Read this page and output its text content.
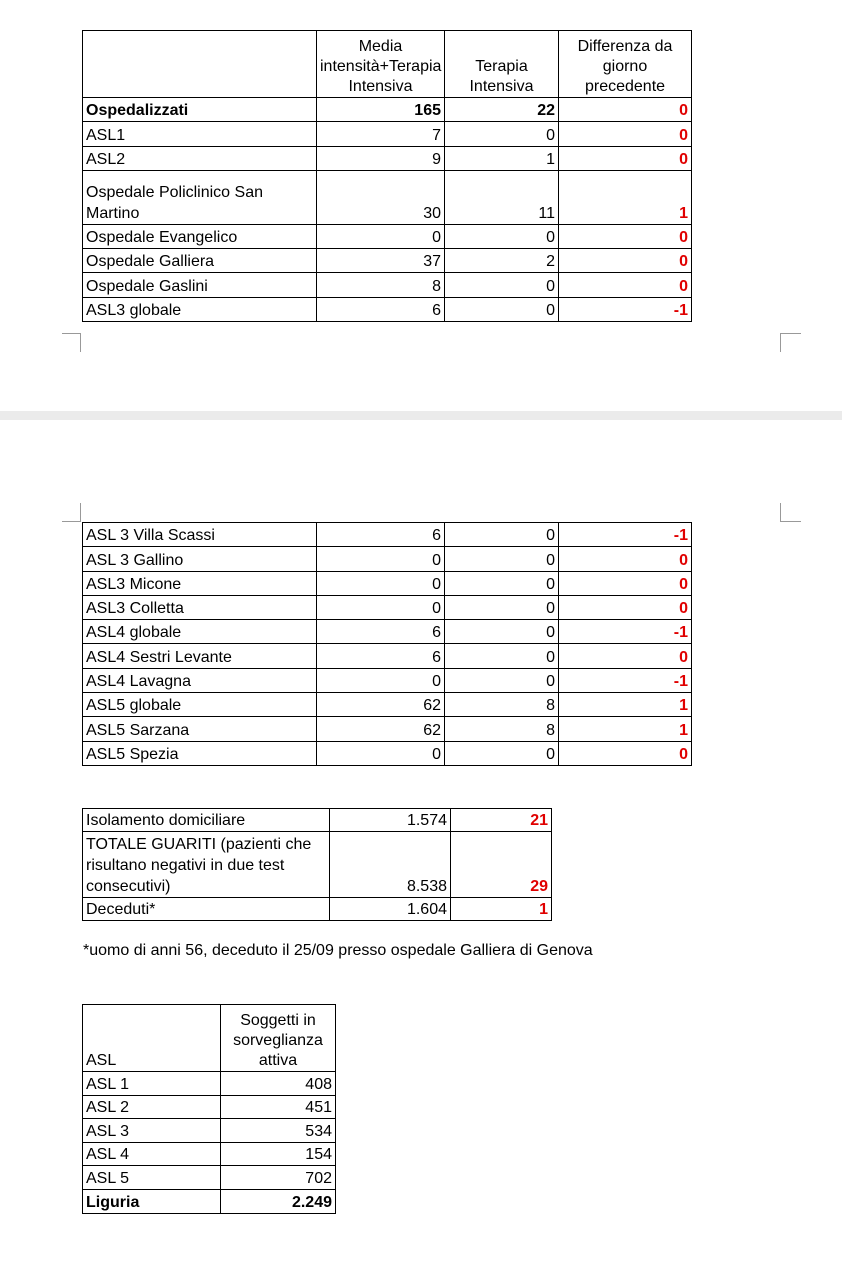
	Media intensità+Terapia Intensiva	Terapia Intensiva	Differenza da giorno precedente
Ospedalizzati	165	22	0
ASL1	7	0	0
ASL2	9	1	0
Ospedale Policlinico San Martino	30	11	1
Ospedale Evangelico	0	0	0
Ospedale Galliera	37	2	0
Ospedale Gaslini	8	0	0
ASL3 globale	6	0	-1
ASL 3 Villa Scassi	6	0	-1
ASL 3 Gallino	0	0	0
ASL3 Micone	0	0	0
ASL3 Colletta	0	0	0
ASL4 globale	6	0	-1
ASL4 Sestri Levante	6	0	0
ASL4 Lavagna	0	0	-1
ASL5 globale	62	8	1
ASL5 Sarzana	62	8	1
ASL5 Spezia	0	0	0
Isolamento domiciliare	1.574	21
TOTALE GUARITI (pazienti che risultano negativi in due test consecutivi)	8.538	29
Deceduti*	1.604	1
*uomo di anni 56, deceduto il 25/09 presso ospedale Galliera di Genova
ASL	Soggetti in sorveglianza attiva
ASL 1	408
ASL 2	451
ASL 3	534
ASL 4	154
ASL 5	702
Liguria	2.249
